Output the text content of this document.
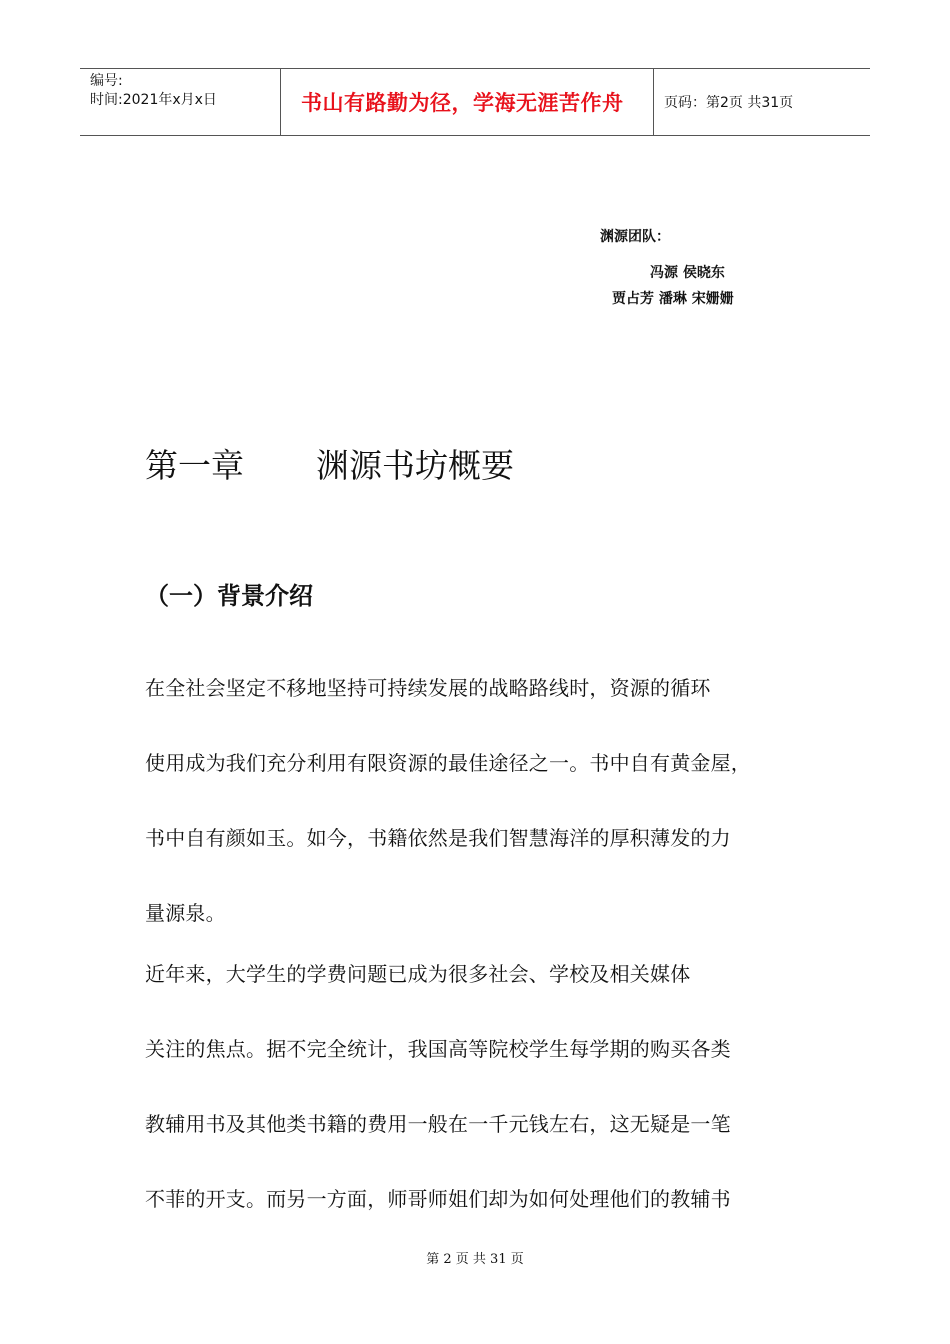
编号:
时间:2021年x月x日	书山有路勤为径，学海无涯苦作舟	页码：第2页 共31页
渊源团队：
冯源 侯晓东
贾占芳 潘琳 宋姗姗
第一章 渊源书坊概要
（一）背景介绍
在全社会坚定不移地坚持可持续发展的战略路线时，资源的循环
使用成为我们充分利用有限资源的最佳途径之一。书中自有黄金屋，
书中自有颜如玉。如今，书籍依然是我们智慧海洋的厚积薄发的力
量源泉。
近年来，大学生的学费问题已成为很多社会、学校及相关媒体
关注的焦点。据不完全统计，我国高等院校学生每学期的购买各类
教辅用书及其他类书籍的费用一般在一千元钱左右，这无疑是一笔
不菲的开支。而另一方面，师哥师姐们却为如何处理他们的教辅书
第 2 页 共 31 页
